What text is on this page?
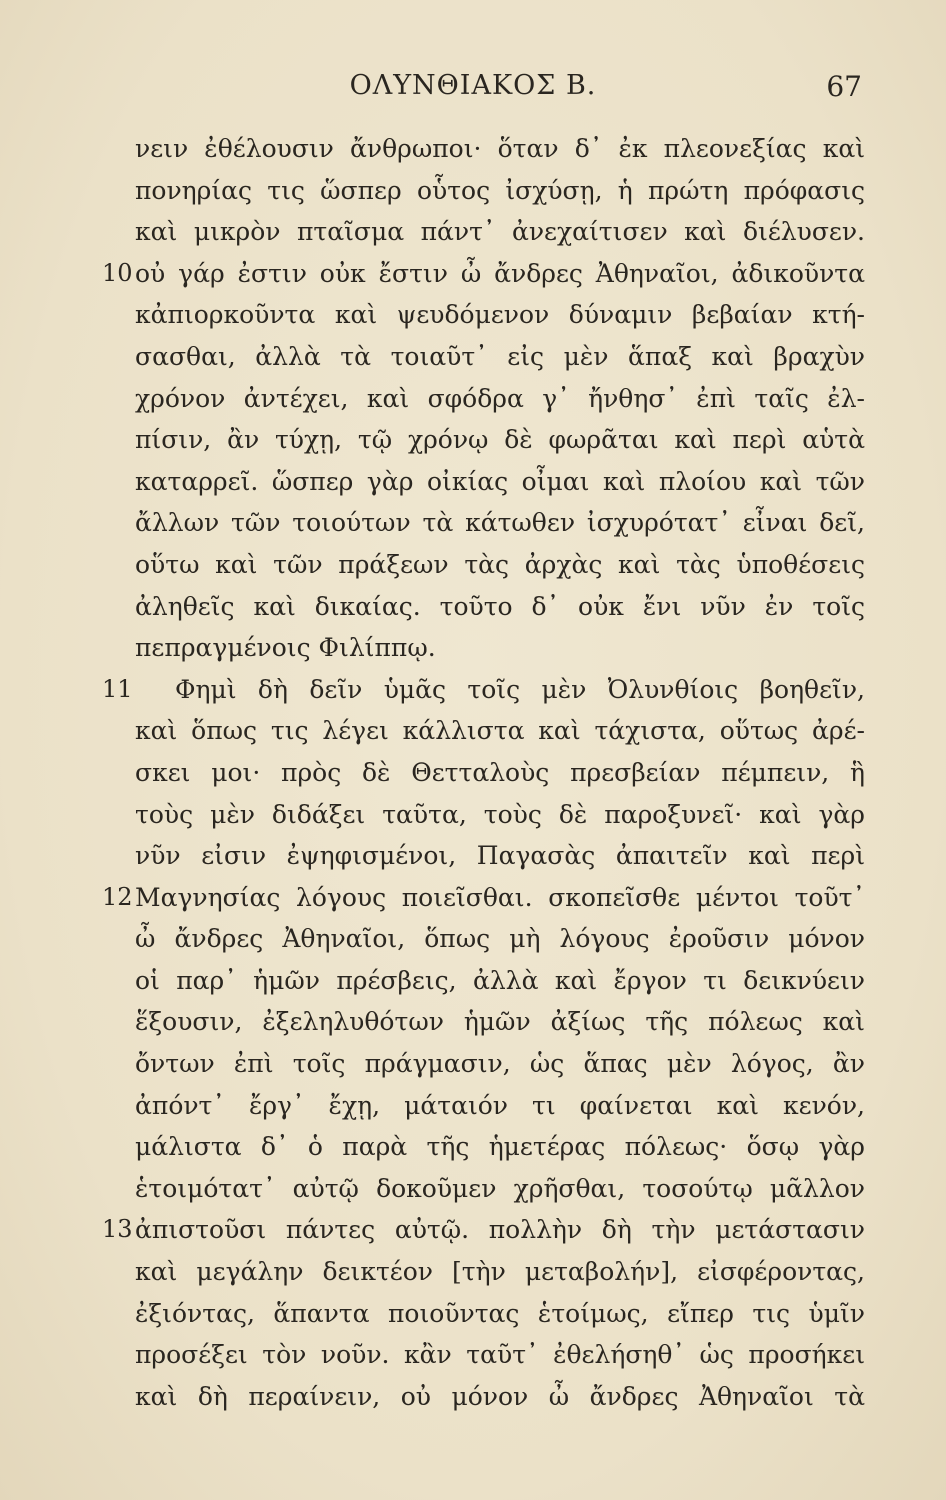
ΟΛΥΝΘΙΑΚΟΣ Β.	67
νειν ἐθέλουσιν ἄνθρωποι· ὅταν δ᾽ ἐκ πλεονεξίας καὶ
πονηρίας τις ὥσπερ οὗτος ἰσχύσῃ, ἡ πρώτη πρόφασις
καὶ μικρὸν πταῖσμα πάντ᾽ ἀνεχαίτισεν καὶ διέλυσεν.
10 οὐ γάρ ἐστιν οὐκ ἔστιν ὦ ἄνδρες Ἀθηναῖοι, ἀδικοῦντα
κἀπιορκοῦντα καὶ ψευδόμενον δύναμιν βεβαίαν κτή-
σασθαι, ἀλλὰ τὰ τοιαῦτ᾽ εἰς μὲν ἅπαξ καὶ βραχὺν
χρόνον ἀντέχει, καὶ σφόδρα γ᾽ ἤνθησ᾽ ἐπὶ ταῖς ἐλ-
πίσιν, ἂν τύχῃ, τῷ χρόνῳ δὲ φωρᾶται καὶ περὶ αὑτὰ
καταρρεῖ. ὥσπερ γὰρ οἰκίας οἶμαι καὶ πλοίου καὶ τῶν
ἄλλων τῶν τοιούτων τὰ κάτωθεν ἰσχυρότατ᾽ εἶναι δεῖ,
οὕτω καὶ τῶν πράξεων τὰς ἀρχὰς καὶ τὰς ὑποθέσεις
ἀληθεῖς καὶ δικαίας. τοῦτο δ᾽ οὐκ ἔνι νῦν ἐν τοῖς
πεπραγμένοις Φιλίππῳ.
11 Φημὶ δὴ δεῖν ὑμᾶς τοῖς μὲν Ὀλυνθίοις βοηθεῖν,
καὶ ὅπως τις λέγει κάλλιστα καὶ τάχιστα, οὕτως ἀρέ-
σκει μοι· πρὸς δὲ Θετταλοὺς πρεσβείαν πέμπειν, ἣ
τοὺς μὲν διδάξει ταῦτα, τοὺς δὲ παροξυνεῖ· καὶ γὰρ
νῦν εἰσιν ἐψηφισμένοι, Παγασὰς ἀπαιτεῖν καὶ περὶ
12 Μαγνησίας λόγους ποιεῖσθαι. σκοπεῖσθε μέντοι τοῦτ᾽
ὦ ἄνδρες Ἀθηναῖοι, ὅπως μὴ λόγους ἐροῦσιν μόνον
οἱ παρ᾽ ἡμῶν πρέσβεις, ἀλλὰ καὶ ἔργον τι δεικνύειν
ἕξουσιν, ἐξεληλυθότων ἡμῶν ἀξίως τῆς πόλεως καὶ
ὄντων ἐπὶ τοῖς πράγμασιν, ὡς ἅπας μὲν λόγος, ἂν
ἀπόντ᾽ ἔργ᾽ ἔχῃ, μάταιόν τι φαίνεται καὶ κενόν,
μάλιστα δ᾽ ὁ παρὰ τῆς ἡμετέρας πόλεως· ὅσῳ γὰρ
ἑτοιμότατ᾽ αὐτῷ δοκοῦμεν χρῆσθαι, τοσούτῳ μᾶλλον
13 ἀπιστοῦσι πάντες αὐτῷ. πολλὴν δὴ τὴν μετάστασιν
καὶ μεγάλην δεικτέον [τὴν μεταβολήν], εἰσφέροντας,
ἐξιόντας, ἅπαντα ποιοῦντας ἑτοίμως, εἴπερ τις ὑμῖν
προσέξει τὸν νοῦν. κἂν ταῦτ᾽ ἐθελήσηθ᾽ ὡς προσήκει
καὶ δὴ περαίνειν, οὐ μόνον ὦ ἄνδρες Ἀθηναῖοι τὰ
